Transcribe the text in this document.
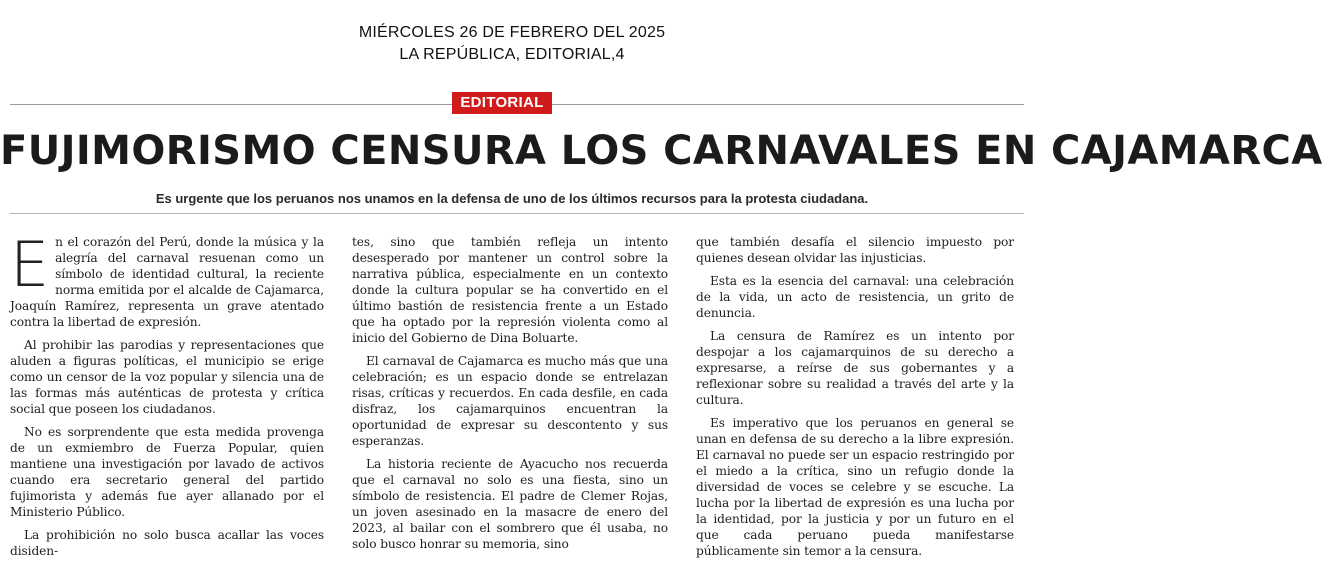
MIÉRCOLES 26 DE FEBRERO DEL 2025
LA REPÚBLICA, EDITORIAL,4
EDITORIAL
FUJIMORISMO CENSURA LOS CARNAVALES EN CAJAMARCA
Es urgente que los peruanos nos unamos en la defensa de uno de los últimos recursos para la protesta ciudadana.

En el corazón del Perú, donde la música y la alegría del carnaval resuenan como un símbolo de identidad cultural, la reciente norma emitida por el alcalde de Cajamarca, Joaquín Ramírez, representa un grave atentado contra la libertad de expresión.

Al prohibir las parodias y representaciones que aluden a figuras políticas, el municipio se erige como un censor de la voz popular y silencia una de las formas más auténticas de protesta y crítica social que poseen los ciudadanos.

No es sorprendente que esta medida provenga de un exmiembro de Fuerza Popular, quien mantiene una investigación por lavado de activos cuando era secretario general del partido fujimorista y además fue ayer allanado por el Ministerio Público.

La prohibición no solo busca acallar las voces disiden-

tes, sino que también refleja un intento desesperado por mantener un control sobre la narrativa pública, especialmente en un contexto donde la cultura popular se ha convertido en el último bastión de resistencia frente a un Estado que ha optado por la represión violenta como al inicio del Gobierno de Dina Boluarte.

El carnaval de Cajamarca es mucho más que una celebración; es un espacio donde se entrelazan risas, críticas y recuerdos. En cada desfile, en cada disfraz, los cajamarquinos encuentran la oportunidad de expresar su descontento y sus esperanzas.

La historia reciente de Ayacucho nos recuerda que el carnaval no solo es una fiesta, sino un símbolo de resistencia. El padre de Clemer Rojas, un joven asesinado en la masacre de enero del 2023, al bailar con el sombrero que él usaba, no solo busco honrar su memoria, sino

que también desafía el silencio impuesto por quienes desean olvidar las injusticias.

Esta es la esencia del carnaval: una celebración de la vida, un acto de resistencia, un grito de denuncia.

La censura de Ramírez es un intento por despojar a los cajamarquinos de su derecho a expresarse, a reírse de sus gobernantes y a reflexionar sobre su realidad a través del arte y la cultura.

Es imperativo que los peruanos en general se unan en defensa de su derecho a la libre expresión. El carnaval no puede ser un espacio restringido por el miedo a la crítica, sino un refugio donde la diversidad de voces se celebre y se escuche. La lucha por la libertad de expresión es una lucha por la identidad, por la justicia y por un futuro en el que cada peruano pueda manifestarse públicamente sin temor a la censura.
